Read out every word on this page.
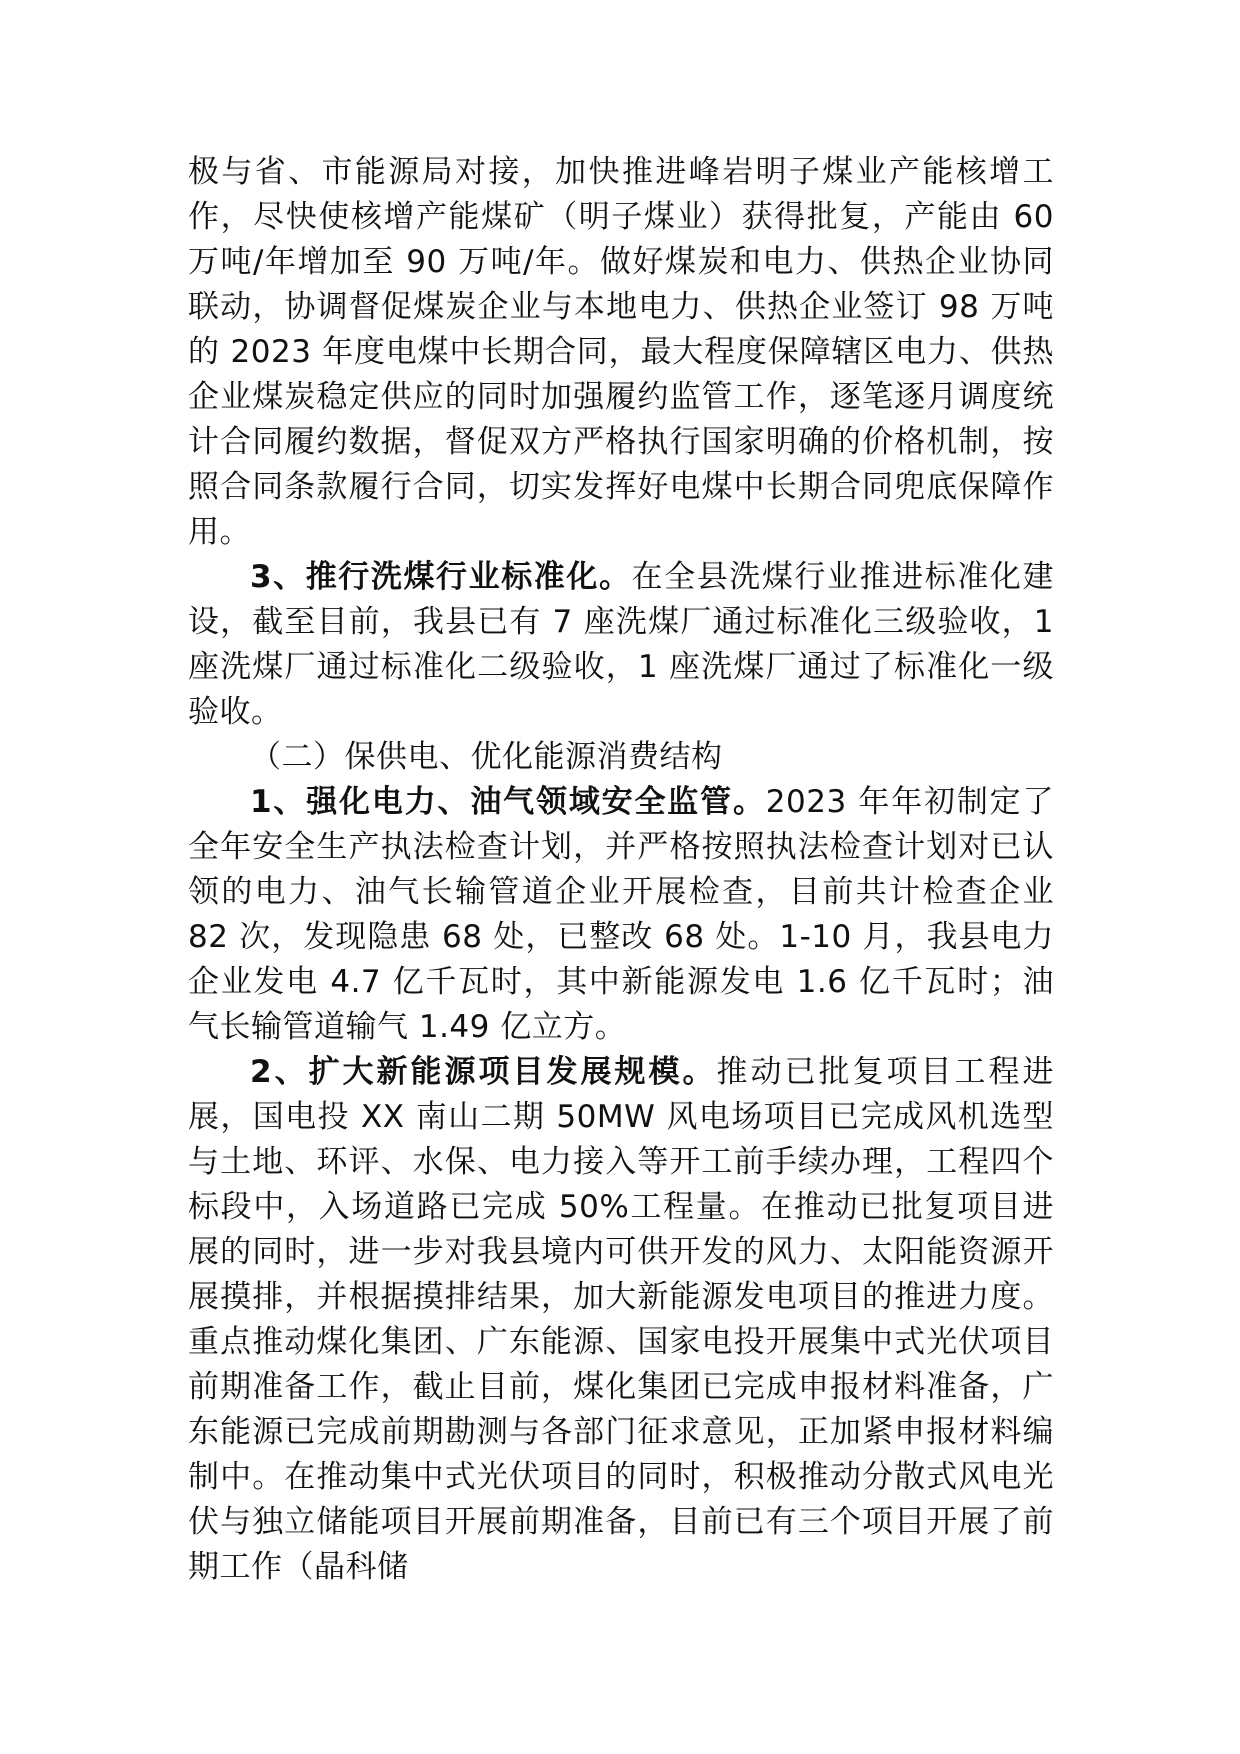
极与省、市能源局对接，加快推进峰岩明子煤业产能核增工作，尽快使核增产能煤矿（明子煤业）获得批复，产能由 60 万吨/年增加至 90 万吨/年。做好煤炭和电力、供热企业协同联动，协调督促煤炭企业与本地电力、供热企业签订 98 万吨的 2023 年度电煤中长期合同，最大程度保障辖区电力、供热企业煤炭稳定供应的同时加强履约监管工作，逐笔逐月调度统计合同履约数据，督促双方严格执行国家明确的价格机制，按照合同条款履行合同，切实发挥好电煤中长期合同兜底保障作用。

3、推行洗煤行业标准化。在全县洗煤行业推进标准化建设，截至目前，我县已有 7 座洗煤厂通过标准化三级验收，1 座洗煤厂通过标准化二级验收，1 座洗煤厂通过了标准化一级验收。

（二）保供电、优化能源消费结构

1、强化电力、油气领域安全监管。2023 年年初制定了全年安全生产执法检查计划，并严格按照执法检查计划对已认领的电力、油气长输管道企业开展检查，目前共计检查企业 82 次，发现隐患 68 处，已整改 68 处。1-10 月，我县电力企业发电 4.7 亿千瓦时，其中新能源发电 1.6 亿千瓦时；油气长输管道输气 1.49 亿立方。

2、扩大新能源项目发展规模。推动已批复项目工程进展，国电投 XX 南山二期 50MW 风电场项目已完成风机选型与土地、环评、水保、电力接入等开工前手续办理，工程四个标段中，入场道路已完成 50%工程量。在推动已批复项目进展的同时，进一步对我县境内可供开发的风力、太阳能资源开展摸排，并根据摸排结果，加大新能源发电项目的推进力度。重点推动煤化集团、广东能源、国家电投开展集中式光伏项目前期准备工作，截止目前，煤化集团已完成申报材料准备，广东能源已完成前期勘测与各部门征求意见，正加紧申报材料编制中。在推动集中式光伏项目的同时，积极推动分散式风电光伏与独立储能项目开展前期准备，目前已有三个项目开展了前期工作（晶科储
